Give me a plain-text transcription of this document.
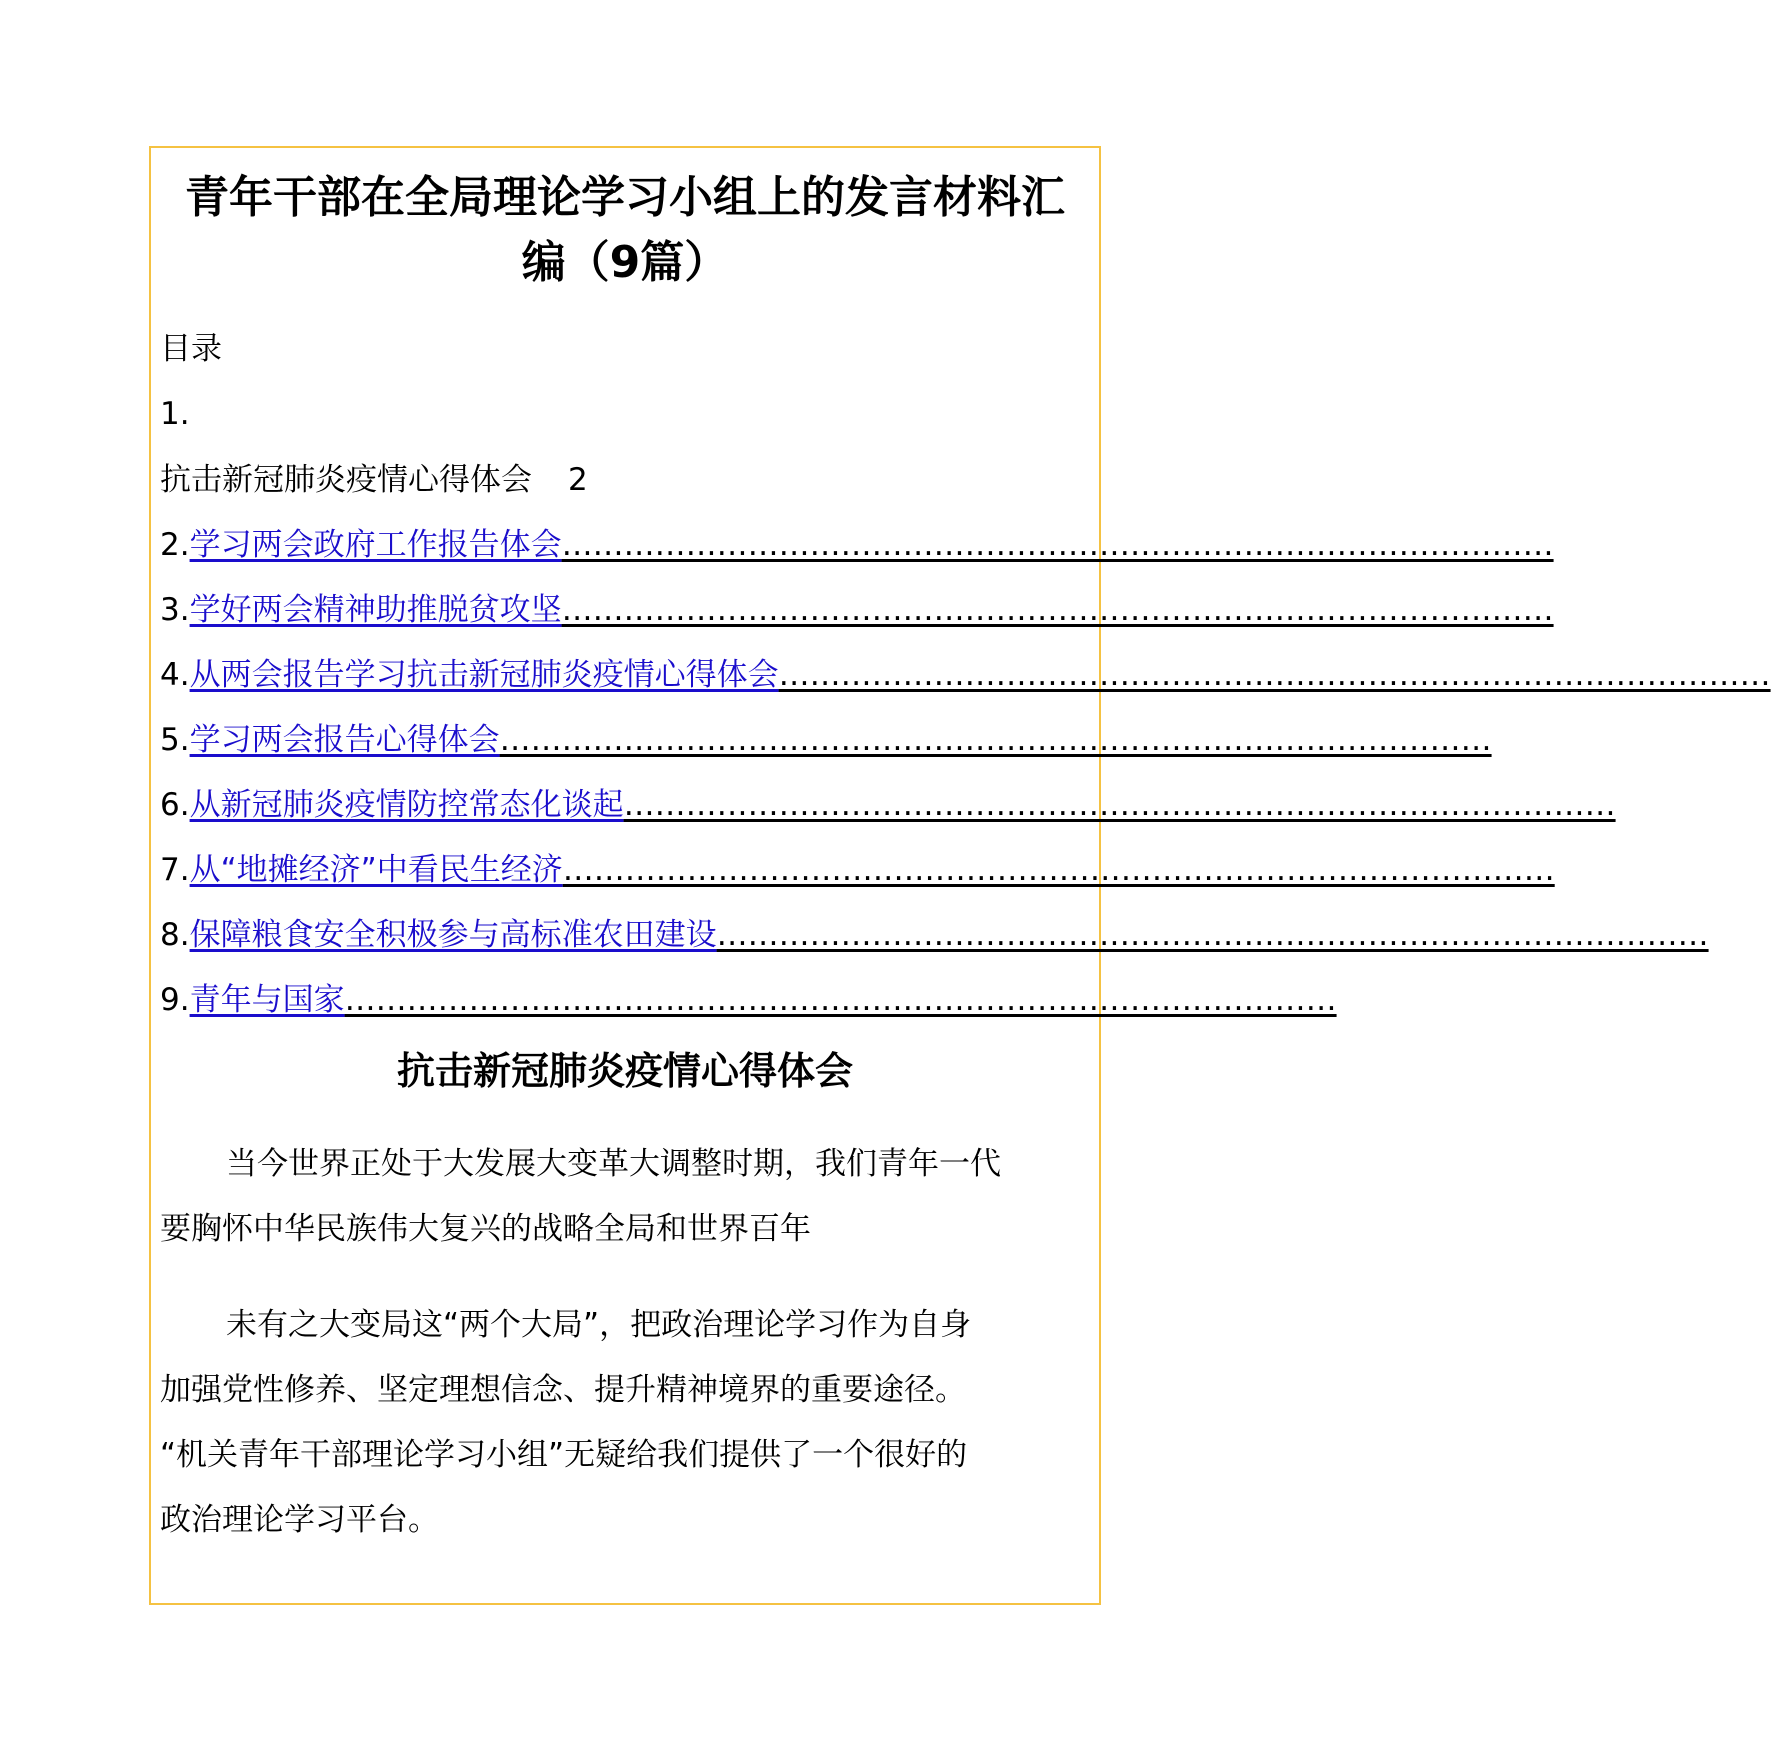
青年干部在全局理论学习小组上的发言材料汇
编（9篇）
目录
1.
抗击新冠肺炎疫情心得体会 2
2.学习两会政府工作报告体会……………………………………………………………………………………
3.学好两会精神助推脱贫攻坚……………………………………………………………………………………
4.从两会报告学习抗击新冠肺炎疫情心得体会……………………………………………………………………………………
5.学习两会报告心得体会……………………………………………………………………………………
6.从新冠肺炎疫情防控常态化谈起……………………………………………………………………………………
7.从“地摊经济”中看民生经济……………………………………………………………………………………
8.保障粮食安全积极参与高标准农田建设……………………………………………………………………………………
9.青年与国家……………………………………………………………………………………
抗击新冠肺炎疫情心得体会

当今世界正处于大发展大变革大调整时期，我们青年一代

要胸怀中华民族伟大复兴的战略全局和世界百年

未有之大变局这“两个大局”，把政治理论学习作为自身

加强党性修养、坚定理想信念、提升精神境界的重要途径。

“机关青年干部理论学习小组”无疑给我们提供了一个很好的

政治理论学习平台。
